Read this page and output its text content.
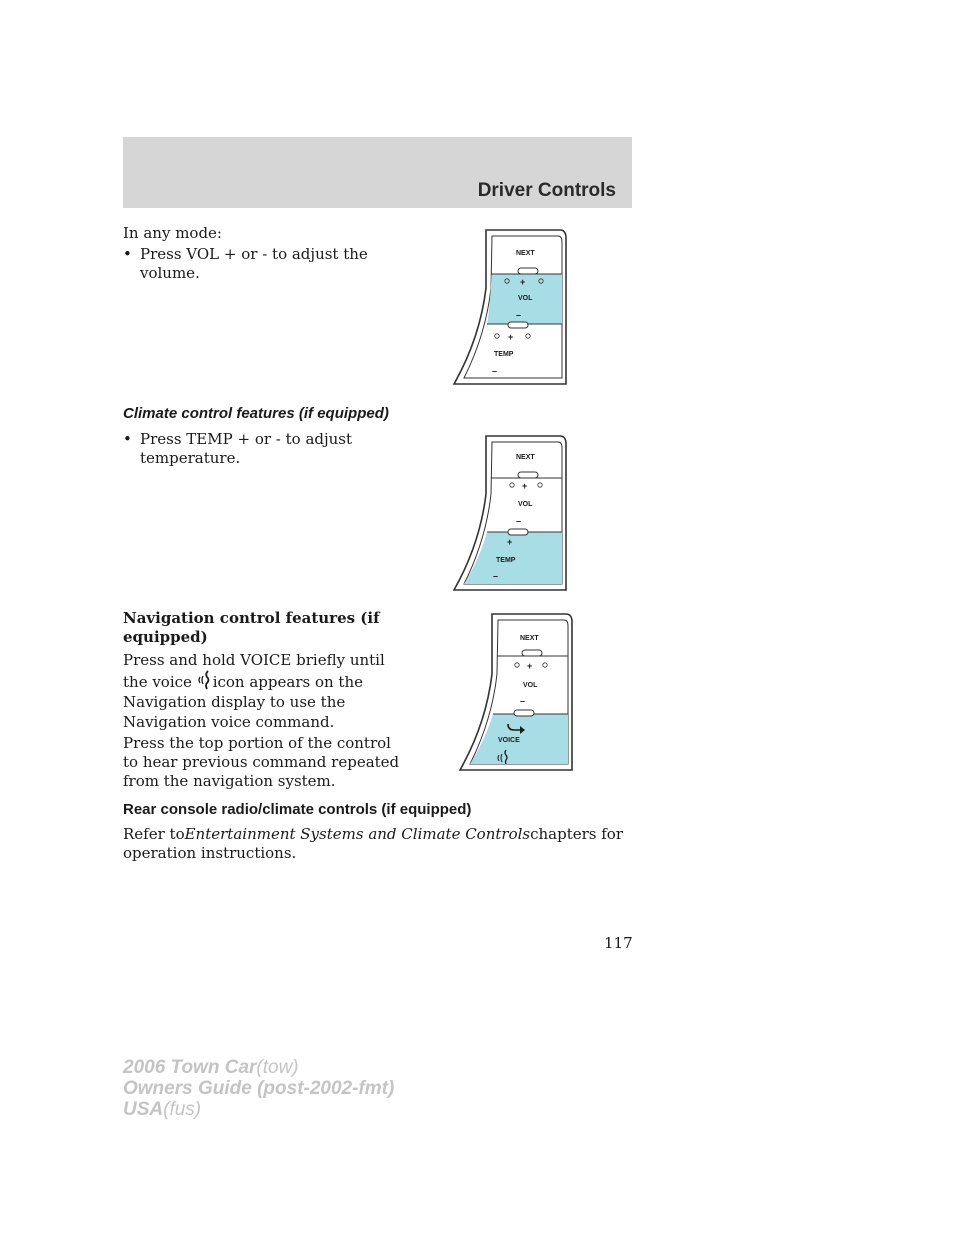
Driver Controls
In any mode:
• Press VOL + or - to adjust the
volume.
Climate control features (if equipped)
• Press TEMP + or - to adjust
temperature.
Navigation control features (if
equipped)
Press and hold VOICE briefly until
the voice icon appears on the
Navigation display to use the
Navigation voice command.
Press the top portion of the control
to hear previous command repeated
from the navigation system.
Rear console radio/climate controls (if equipped)
Refer toEntertainment Systems and Climate Controlschapters for
operation instructions.
NEXT
+
VOL
–
+
TEMP
–
NEXT
+
VOL
–
+
TEMP
–
NEXT
+
VOL
–
VOICE
117
2006 Town Car(tow)
Owners Guide (post-2002-fmt)
USA(fus)
